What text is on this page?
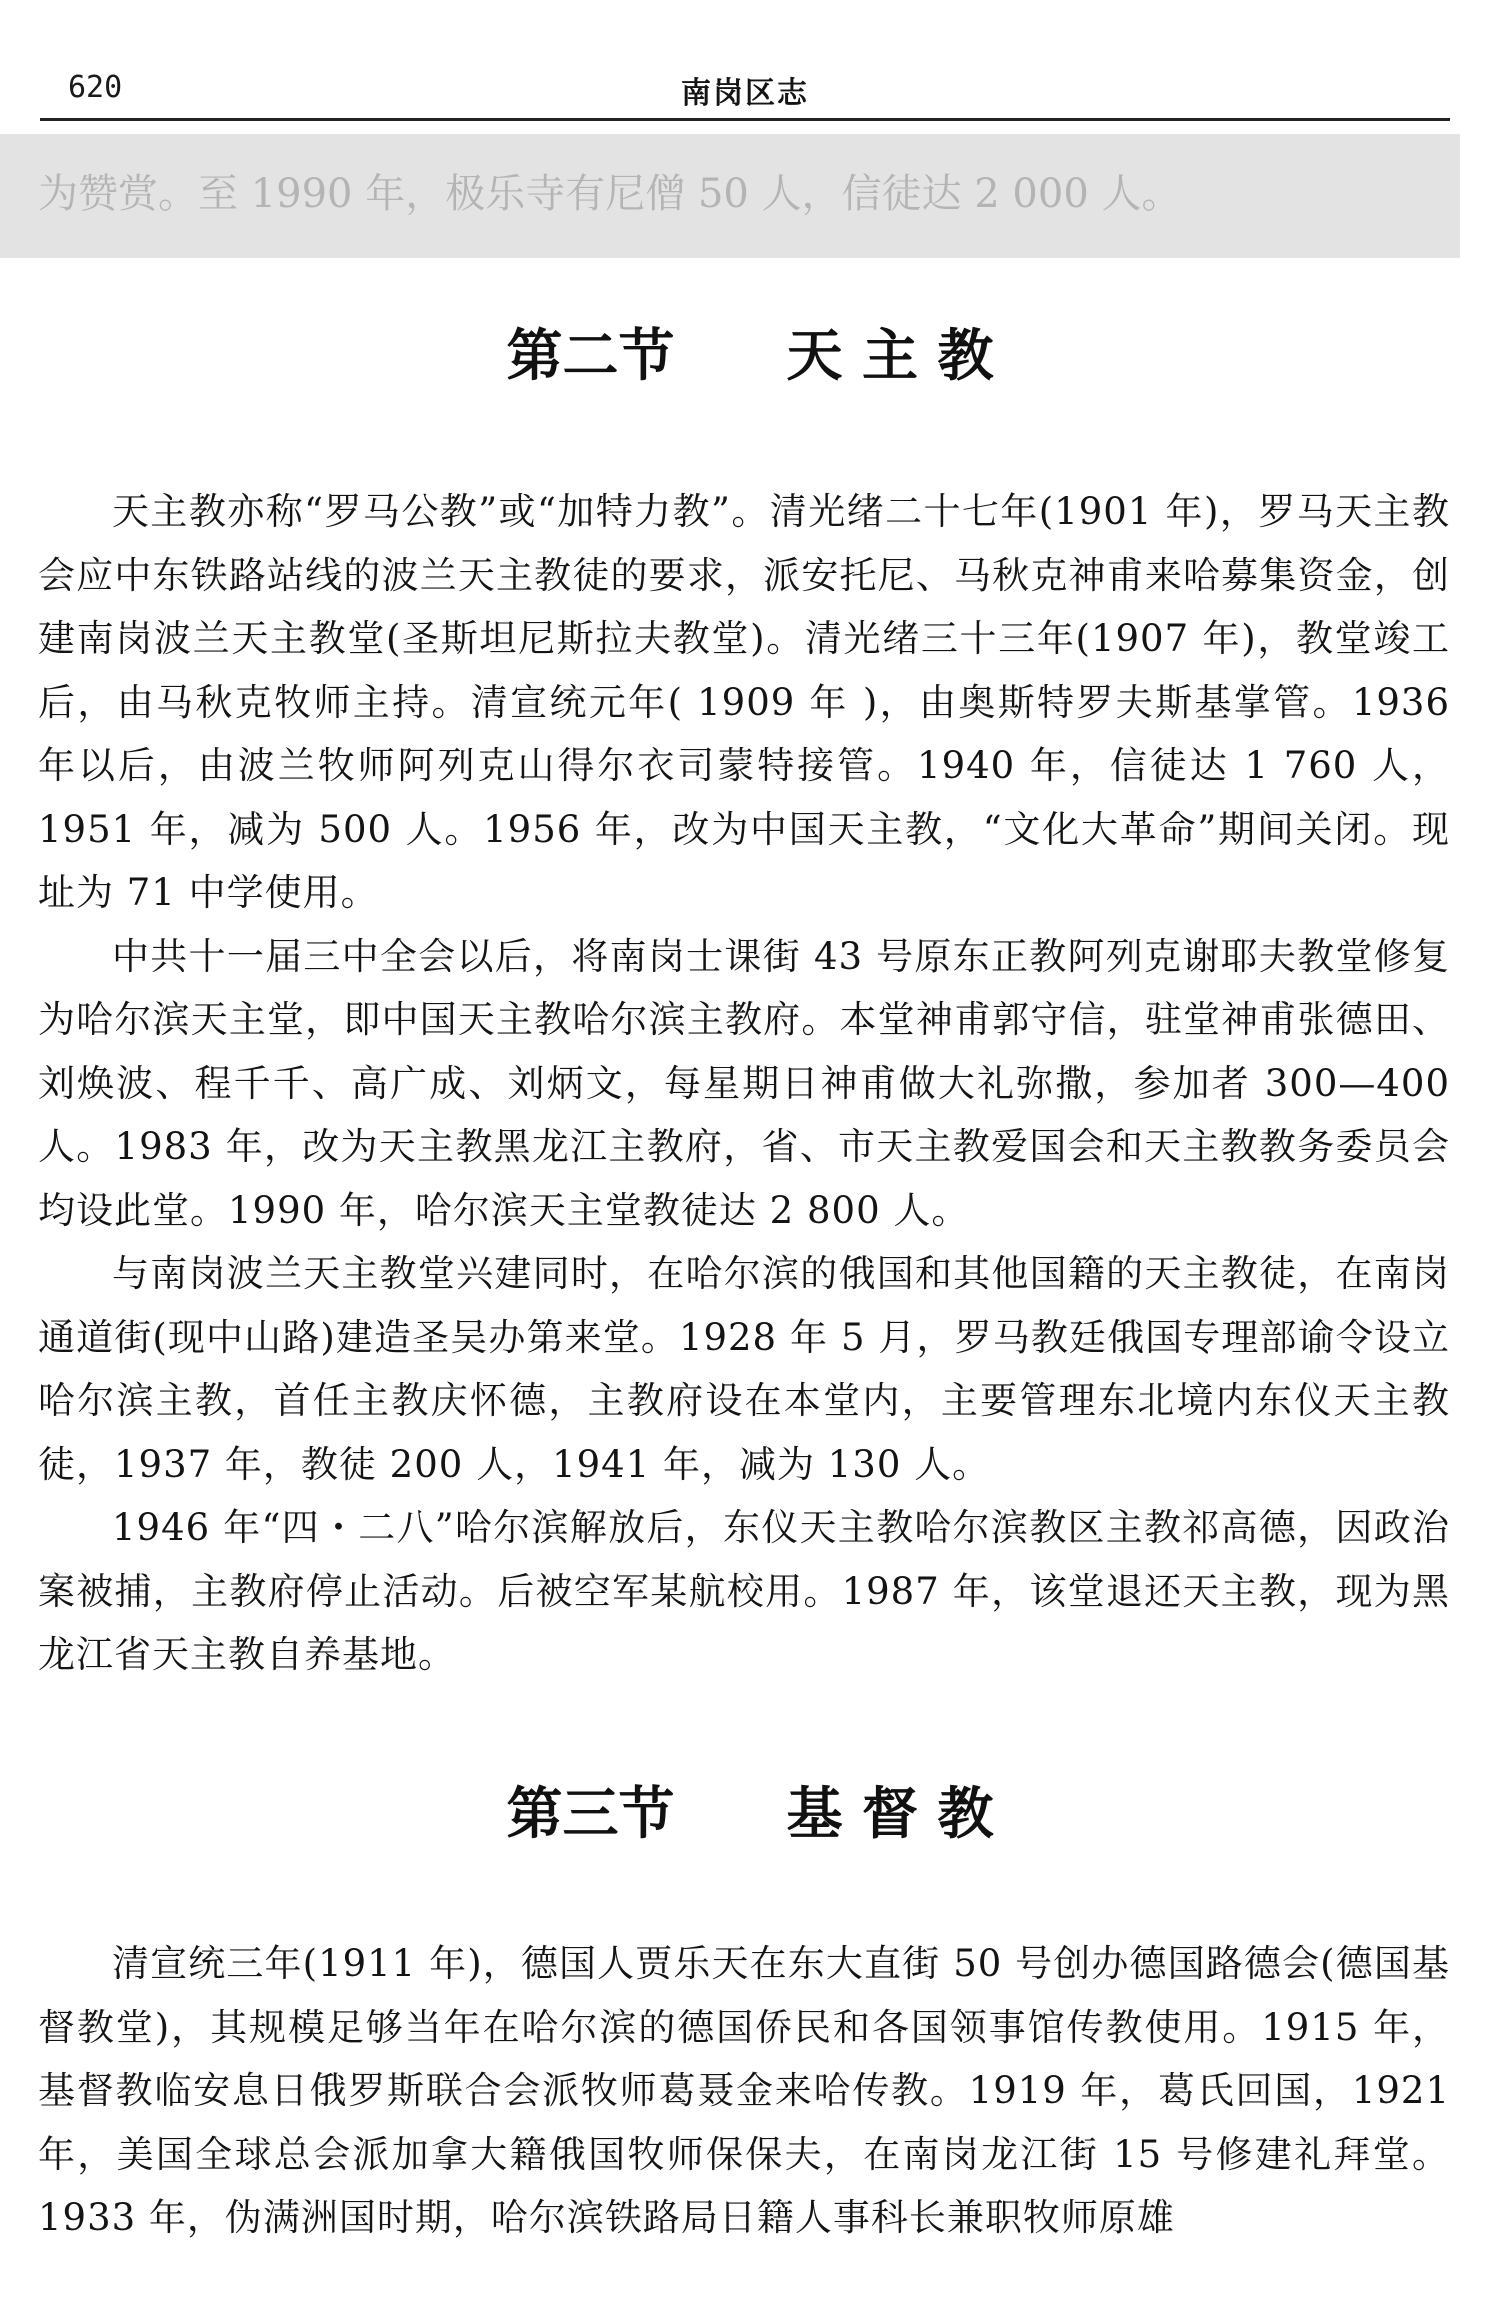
620	南岗区志
为赞赏。至 1990 年，极乐寺有尼僧 50 人，信徒达 2 000 人。
第二节　　天 主 教

天主教亦称“罗马公教”或“加特力教”。清光绪二十七年(1901 年)，罗马天主教会应中东铁路站线的波兰天主教徒的要求，派安托尼、马秋克神甫来哈募集资金，创建南岗波兰天主教堂(圣斯坦尼斯拉夫教堂)。清光绪三十三年(1907 年)，教堂竣工后，由马秋克牧师主持。清宣统元年( 1909 年 )，由奥斯特罗夫斯基掌管。1936 年以后，由波兰牧师阿列克山得尔衣司蒙特接管。1940 年，信徒达 1 760 人，1951 年，减为 500 人。1956 年，改为中国天主教，“文化大革命”期间关闭。现址为 71 中学使用。

中共十一届三中全会以后，将南岗士课街 43 号原东正教阿列克谢耶夫教堂修复为哈尔滨天主堂，即中国天主教哈尔滨主教府。本堂神甫郭守信，驻堂神甫张德田、刘焕波、程千千、高广成、刘炳文，每星期日神甫做大礼弥撒，参加者 300—400 人。1983 年，改为天主教黑龙江主教府，省、市天主教爱国会和天主教教务委员会均设此堂。1990 年，哈尔滨天主堂教徒达 2 800 人。

与南岗波兰天主教堂兴建同时，在哈尔滨的俄国和其他国籍的天主教徒，在南岗通道街(现中山路)建造圣吴办第来堂。1928 年 5 月，罗马教廷俄国专理部谕令设立哈尔滨主教，首任主教庆怀德，主教府设在本堂内，主要管理东北境内东仪天主教徒，1937 年，教徒 200 人，1941 年，减为 130 人。

1946 年“四・二八”哈尔滨解放后，东仪天主教哈尔滨教区主教祁高德，因政治案被捕，主教府停止活动。后被空军某航校用。1987 年，该堂退还天主教，现为黑龙江省天主教自养基地。

第三节　　基 督 教

清宣统三年(1911 年)，德国人贾乐天在东大直街 50 号创办德国路德会(德国基督教堂)，其规模足够当年在哈尔滨的德国侨民和各国领事馆传教使用。1915 年，基督教临安息日俄罗斯联合会派牧师葛聂金来哈传教。1919 年，葛氏回国，1921 年，美国全球总会派加拿大籍俄国牧师保保夫，在南岗龙江街 15 号修建礼拜堂。1933 年，伪满洲国时期，哈尔滨铁路局日籍人事科长兼职牧师原雄
